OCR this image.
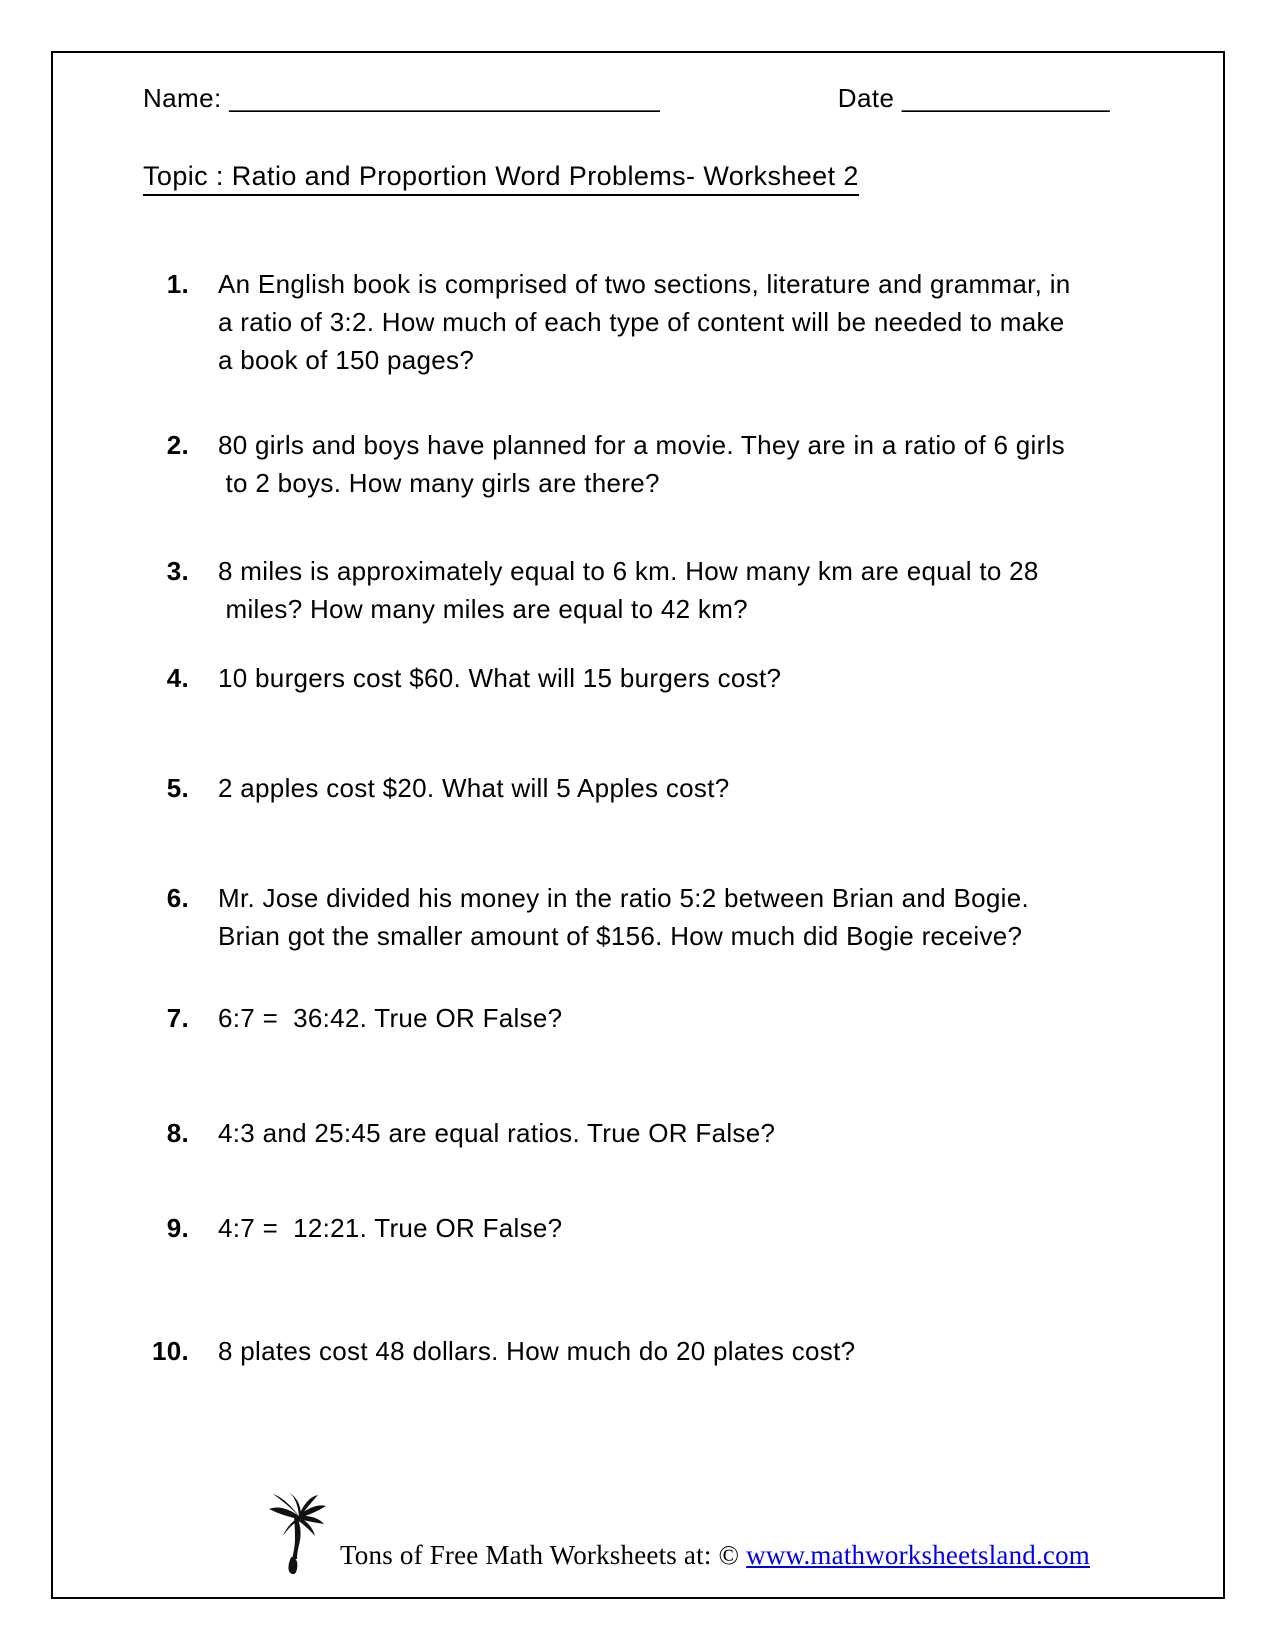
Name: _____________________________	Date ______________
Topic : Ratio and Proportion Word Problems- Worksheet 2
1. An English book is comprised of two sections, literature and grammar, in
a ratio of 3:2. How much of each type of content will be needed to make
a book of 150 pages?
2. 80 girls and boys have planned for a movie. They are in a ratio of 6 girls
to 2 boys. How many girls are there?
3. 8 miles is approximately equal to 6 km. How many km are equal to 28
miles? How many miles are equal to 42 km?
4. 10 burgers cost $60. What will 15 burgers cost?
5. 2 apples cost $20. What will 5 Apples cost?
6. Mr. Jose divided his money in the ratio 5:2 between Brian and Bogie.
Brian got the smaller amount of $156. How much did Bogie receive?
7. 6:7 =  36:42. True OR False?
8. 4:3 and 25:45 are equal ratios. True OR False?
9. 4:7 =  12:21. True OR False?
10. 8 plates cost 48 dollars. How much do 20 plates cost?
Tons of Free Math Worksheets at: © www.mathworksheetsland.com
